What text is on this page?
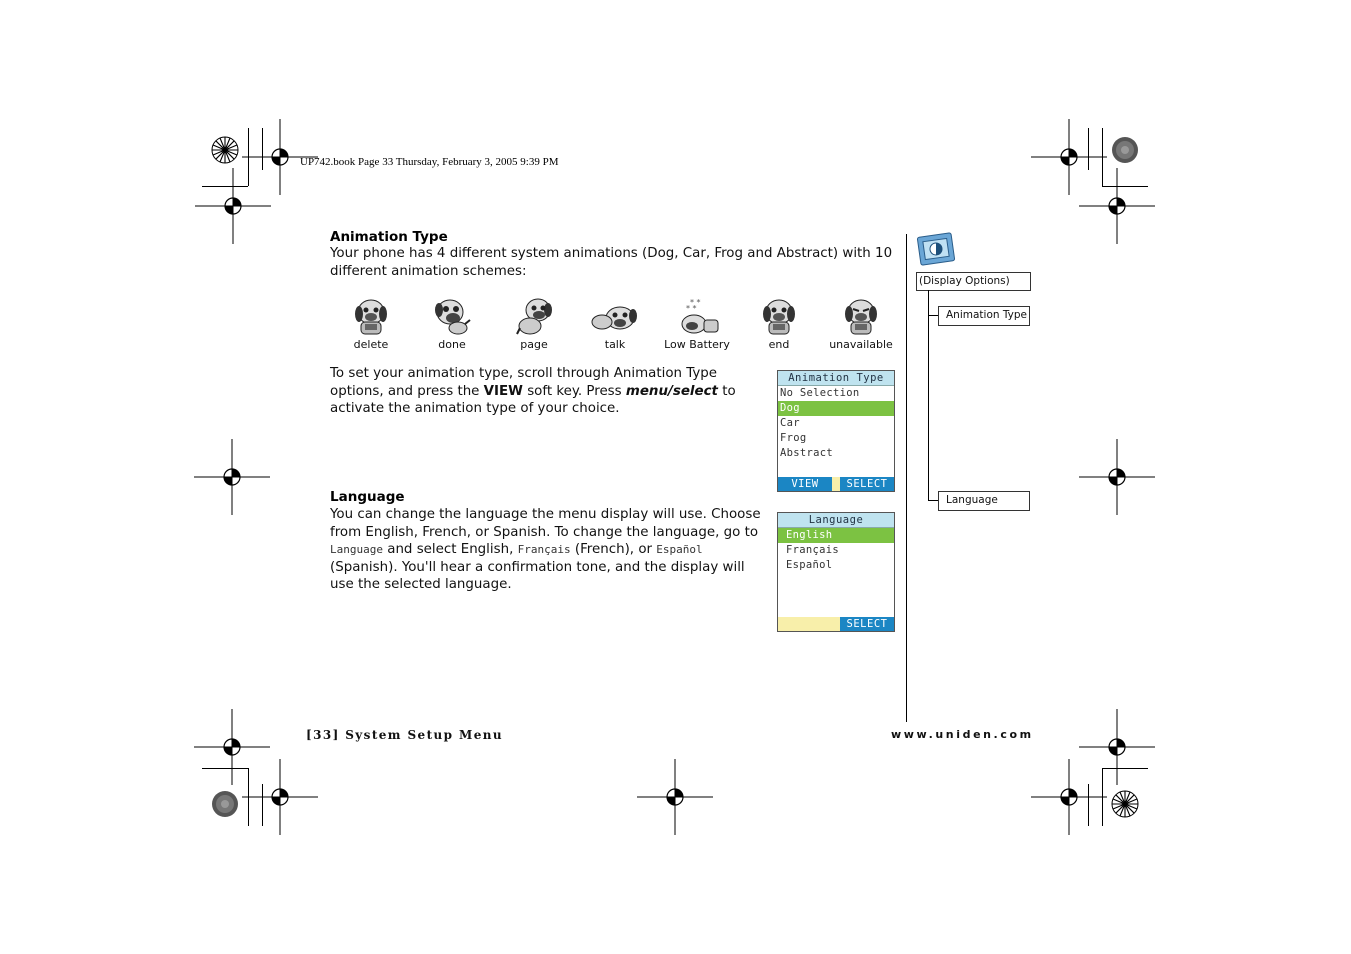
UP742.book Page 33 Thursday, February 3, 2005 9:39 PM
Animation Type
Your phone has 4 different system animations (Dog, Car, Frog and Abstract) with 10 different animation schemes:
delete	done	page	talk
* *
* *
Low Battery	end	unavailable
To set your animation type, scroll through Animation Type options, and press the VIEW soft key. Press menu/select to activate the animation type of your choice.
Animation Type
No Selection
Dog
Car
Frog
Abstract
VIEW	SELECT
Language
You can change the language the menu display will use. Choose from English, French, or Spanish. To change the language, go to Language and select English, Français (French), or Español (Spanish). You'll hear a confirmation tone, and the display will use the selected language.
Language
English
Français
Español
SELECT
(Display Options)
Animation Type
Language
[33] System Setup Menu	www.uniden.com
